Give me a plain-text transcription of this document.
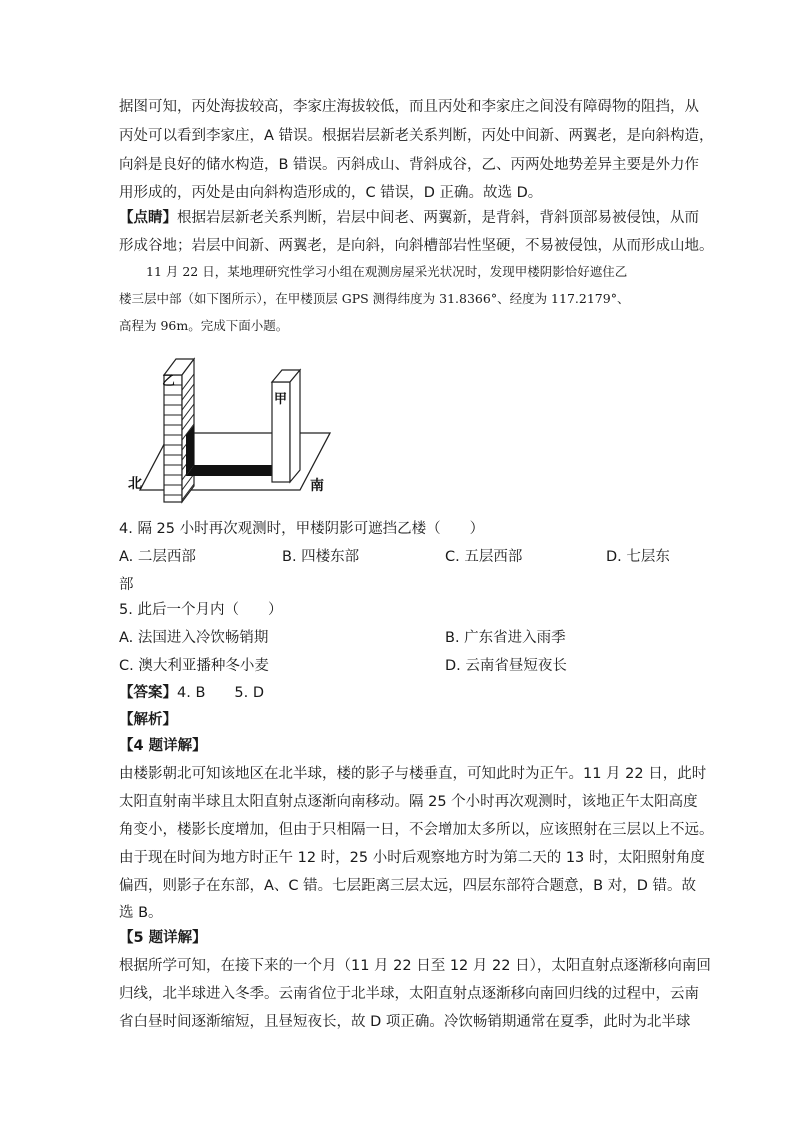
据图可知，丙处海拔较高，李家庄海拔较低，而且丙处和李家庄之间没有障碍物的阻挡，从
丙处可以看到李家庄，A 错误。根据岩层新老关系判断，丙处中间新、两翼老，是向斜构造，
向斜是良好的储水构造，B 错误。丙斜成山、背斜成谷，乙、丙两处地势差异主要是外力作
用形成的，丙处是由向斜构造形成的，C 错误，D 正确。故选 D。
【点睛】根据岩层新老关系判断，岩层中间老、两翼新，是背斜，背斜顶部易被侵蚀，从而
形成谷地；岩层中间新、两翼老，是向斜，向斜槽部岩性坚硬，不易被侵蚀，从而形成山地。
11 月 22 日，某地理研究性学习小组在观测房屋采光状况时，发现甲楼阴影恰好遮住乙
楼三层中部（如下图所示），在甲楼顶层 GPS 测得纬度为 31.8366°、经度为 117.2179°、
高程为 96m。完成下面小题。
乙
甲
北	南
4. 隔 25 小时再次观测时，甲楼阴影可遮挡乙楼（　　）
A. 二层西部	B. 四楼东部	C. 五层西部	D. 七层东
部
5. 此后一个月内（　　）
A. 法国进入冷饮畅销期	B. 广东省进入雨季
C. 澳大利亚播种冬小麦	D. 云南省昼短夜长
【答案】4. B　　5. D
【解析】
【4 题详解】
由楼影朝北可知该地区在北半球，楼的影子与楼垂直，可知此时为正午。11 月 22 日，此时
太阳直射南半球且太阳直射点逐渐向南移动。隔 25 个小时再次观测时，该地正午太阳高度
角变小，楼影长度增加，但由于只相隔一日，不会增加太多所以，应该照射在三层以上不远。
由于现在时间为地方时正午 12 时，25 小时后观察地方时为第二天的 13 时，太阳照射角度
偏西，则影子在东部，A、C 错。七层距离三层太远，四层东部符合题意，B 对，D 错。故
选 B。
【5 题详解】
根据所学可知，在接下来的一个月（11 月 22 日至 12 月 22 日），太阳直射点逐渐移向南回
归线，北半球进入冬季。云南省位于北半球，太阳直射点逐渐移向南回归线的过程中，云南
省白昼时间逐渐缩短，且昼短夜长，故 D 项正确。冷饮畅销期通常在夏季，此时为北半球
